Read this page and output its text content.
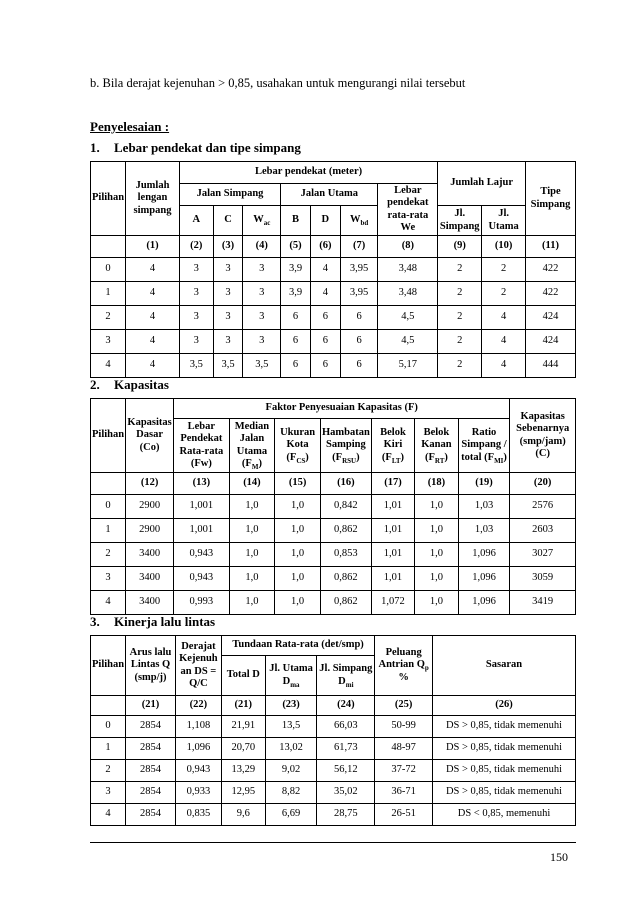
b. Bila derajat kejenuhan > 0,85, usahakan untuk mengurangi nilai tersebut
Penyelesaian :
1. Lebar pendekat dan tipe simpang
Pilihan	Jumlah lengan simpang	Lebar pendekat (meter)							Jumlah Lajur		Tipe Simpang
		Jalan Simpang			Jalan Utama			Lebar pendekat rata-rata We			
		A	C	$W_{ac}$	B	D	$W_{bd}$		Jl. Simpang	Jl. Utama	
	(1)	(2)	(3)	(4)	(5)	(6)	(7)	(8)	(9)	(10)	(11)
0	4	3	3	3	3,9	4	3,95	3,48	2	2	422
1	4	3	3	3	3,9	4	3,95	3,48	2	2	422
2	4	3	3	3	6	6	6	4,5	2	4	424
3	4	3	3	3	6	6	6	4,5	2	4	424
4	4	3,5	3,5	3,5	6	6	6	5,17	2	4	444
2. Kapasitas
Pilihan	Kapasitas Dasar (Co)	Faktor Penyesuaian Kapasitas (F)							Kapasitas Sebenarnya (smp/jam) (C)
		Lebar Pendekat Rata-rata (Fw)	Median Jalan Utama $(F_M)$	Ukuran Kota $(F_{CS})$	Hambatan Samping $(F_{RSU})$	Belok Kiri $(F_{LT})$	Belok Kanan $(F_{RT})$	Ratio Simpang / total $(F_{MI})$	
	(12)	(13)	(14)	(15)	(16)	(17)	(18)	(19)	(20)
0	2900	1,001	1,0	1,0	0,842	1,01	1,0	1,03	2576
1	2900	1,001	1,0	1,0	0,862	1,01	1,0	1,03	2603
2	3400	0,943	1,0	1,0	0,853	1,01	1,0	1,096	3027
3	3400	0,943	1,0	1,0	0,862	1,01	1,0	1,096	3059
4	3400	0,993	1,0	1,0	0,862	1,072	1,0	1,096	3419
3. Kinerja lalu lintas
Pilihan	Arus lalu Lintas Q (smp/j)	Derajat Kejenuh an DS = Q/C	Tundaan Rata-rata (det/smp)			Peluang Antrian $Q_p$ %	Sasaran
			Total D	Jl. Utama $D_{ma}$	Jl. Simpang $D_{mi}$
	(21)	(22)	(21)	(23)	(24)	(25)	(26)
0	2854	1,108	21,91	13,5	66,03	50-99	DS > 0,85, tidak memenuhi
1	2854	1,096	20,70	13,02	61,73	48-97	DS > 0,85, tidak memenuhi
2	2854	0,943	13,29	9,02	56,12	37-72	DS > 0,85, tidak memenuhi
3	2854	0,933	12,95	8,82	35,02	36-71	DS > 0,85, tidak memenuhi
4	2854	0,835	9,6	6,69	28,75	26-51	DS < 0,85, memenuhi
150
